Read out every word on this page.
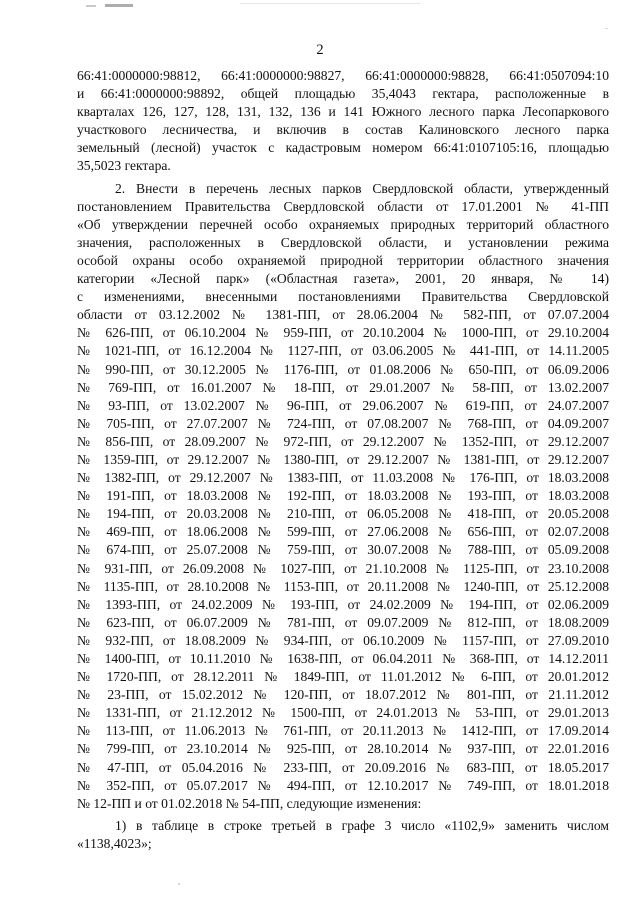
2
66:41:0000000:98812, 66:41:0000000:98827, 66:41:0000000:98828, 66:41:0507094:10
и 66:41:0000000:98892, общей площадью 35,4043 гектара, расположенные в
кварталах 126, 127, 128, 131, 132, 136 и 141 Южного лесного парка Лесопаркового
участкового лесничества, и включив в состав Калиновского лесного парка
земельный (лесной) участок с кадастровым номером 66:41:0107105:16, площадью
35,5023 гектара.
2. Внести в перечень лесных парков Свердловской области, утвержденный
постановлением Правительства Свердловской области от 17.01.2001 № 41-ПП
«Об утверждении перечней особо охраняемых природных территорий областного
значения, расположенных в Свердловской области, и установлении режима
особой охраны особо охраняемой природной территории областного значения
категории «Лесной парк» («Областная газета», 2001, 20 января, № 14)
с изменениями, внесенными постановлениями Правительства Свердловской
области от 03.12.2002 № 1381-ПП, от 28.06.2004 № 582-ПП, от 07.07.2004
№ 626-ПП, от 06.10.2004 № 959-ПП, от 20.10.2004 № 1000-ПП, от 29.10.2004
№ 1021-ПП, от 16.12.2004 № 1127-ПП, от 03.06.2005 № 441-ПП, от 14.11.2005
№ 990-ПП, от 30.12.2005 № 1176-ПП, от 01.08.2006 № 650-ПП, от 06.09.2006
№ 769-ПП, от 16.01.2007 № 18-ПП, от 29.01.2007 № 58-ПП, от 13.02.2007
№ 93-ПП, от 13.02.2007 № 96-ПП, от 29.06.2007 № 619-ПП, от 24.07.2007
№ 705-ПП, от 27.07.2007 № 724-ПП, от 07.08.2007 № 768-ПП, от 04.09.2007
№ 856-ПП, от 28.09.2007 № 972-ПП, от 29.12.2007 № 1352-ПП, от 29.12.2007
№ 1359-ПП, от 29.12.2007 № 1380-ПП, от 29.12.2007 № 1381-ПП, от 29.12.2007
№ 1382-ПП, от 29.12.2007 № 1383-ПП, от 11.03.2008 № 176-ПП, от 18.03.2008
№ 191-ПП, от 18.03.2008 № 192-ПП, от 18.03.2008 № 193-ПП, от 18.03.2008
№ 194-ПП, от 20.03.2008 № 210-ПП, от 06.05.2008 № 418-ПП, от 20.05.2008
№ 469-ПП, от 18.06.2008 № 599-ПП, от 27.06.2008 № 656-ПП, от 02.07.2008
№ 674-ПП, от 25.07.2008 № 759-ПП, от 30.07.2008 № 788-ПП, от 05.09.2008
№ 931-ПП, от 26.09.2008 № 1027-ПП, от 21.10.2008 № 1125-ПП, от 23.10.2008
№ 1135-ПП, от 28.10.2008 № 1153-ПП, от 20.11.2008 № 1240-ПП, от 25.12.2008
№ 1393-ПП, от 24.02.2009 № 193-ПП, от 24.02.2009 № 194-ПП, от 02.06.2009
№ 623-ПП, от 06.07.2009 № 781-ПП, от 09.07.2009 № 812-ПП, от 18.08.2009
№ 932-ПП, от 18.08.2009 № 934-ПП, от 06.10.2009 № 1157-ПП, от 27.09.2010
№ 1400-ПП, от 10.11.2010 № 1638-ПП, от 06.04.2011 № 368-ПП, от 14.12.2011
№ 1720-ПП, от 28.12.2011 № 1849-ПП, от 11.01.2012 № 6-ПП, от 20.01.2012
№ 23-ПП, от 15.02.2012 № 120-ПП, от 18.07.2012 № 801-ПП, от 21.11.2012
№ 1331-ПП, от 21.12.2012 № 1500-ПП, от 24.01.2013 № 53-ПП, от 29.01.2013
№ 113-ПП, от 11.06.2013 № 761-ПП, от 20.11.2013 № 1412-ПП, от 17.09.2014
№ 799-ПП, от 23.10.2014 № 925-ПП, от 28.10.2014 № 937-ПП, от 22.01.2016
№ 47-ПП, от 05.04.2016 № 233-ПП, от 20.09.2016 № 683-ПП, от 18.05.2017
№ 352-ПП, от 05.07.2017 № 494-ПП, от 12.10.2017 № 749-ПП, от 18.01.2018
№ 12-ПП и от 01.02.2018 № 54-ПП, следующие изменения:
1) в таблице в строке третьей в графе 3 число «1102,9» заменить числом
«1138,4023»;
